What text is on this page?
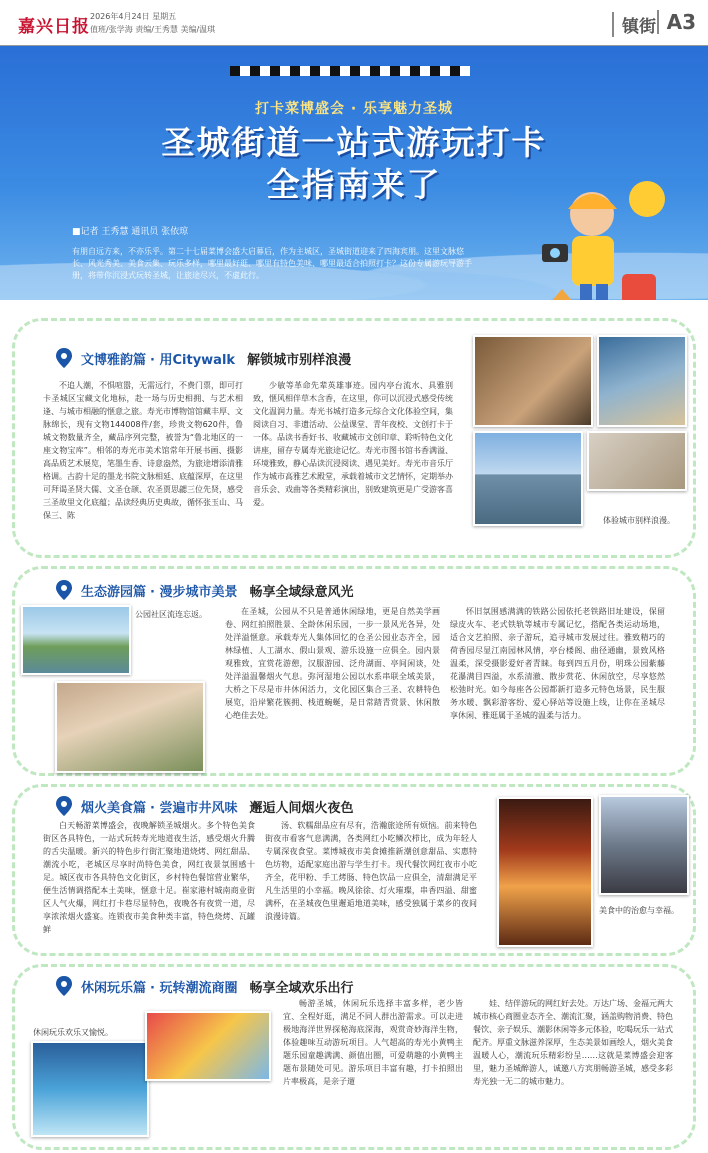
嘉兴日报
2026年4月24日 星期五
值班/张学海 责编/王秀慧 美编/温琪	镇街 A3
打卡菜博盛会 · 乐享魅力圣城
圣城街道一站式游玩打卡
全指南来了
■记者 王秀慧 通讯员 张依琼
有朋自远方来，不亦乐乎。第二十七届菜博会盛大启幕后，作为主城区，圣城街道迎来了四海宾朋。这里文脉悠长、风光秀美、美食云集、玩乐多样，哪里最好逛、哪里有特色美味、哪里最适合拍照打卡？这份专属游玩导游手册，将带你沉浸式玩转圣城，让旅途尽兴，不虚此行。
文博雅韵篇 · 用Citywalk 解锁城市别样浪漫
不追人潮，不惧喧嚣，无需远行，不费门票，即可打卡圣城区宝藏文化地标，赴一场与历史相拥、与艺术相逢、与城市相融的惬意之旅。寿光市博物馆馆藏丰厚、文脉绵长，现有文物144008件/套，珍贵文物620件，鲁城文物数量齐全，藏品序列完整，被誉为“鲁北地区的一座文物宝库”。相邻的寿光市美术馆常年开展书画、摄影高品质艺术展览，笔墨生香、诗意盎然，为旅途增添清雅格调。古韵十足的墨龙书院文脉相延、底蕴深厚，在这里可拜谒圣贤大儒、文圣仓颉、农圣贾思勰三位先贤，感受三圣故里文化底蕴；品读经典历史典故，循怀张玉山、马保三、陈
少敏等革命先辈英雄事迹。园内亭台流水、具雅别致，惬风相伴草木含香，在这里，你可以沉浸式感受传统文化温润力量。寿光书城打造多元综合文化体验空间，集阅读自习、非遗活动、公益课堂、青年夜校、文创打卡于一体。品读书香好书、收藏城市文创印章、聆听特色文化讲座，留存专属寿光旅途记忆。寿光市图书馆书香满溢、环境雅致，静心品读沉浸阅读、遇见美好。寿光市音乐厅作为城市高雅艺术殿堂，承载着城市文艺情怀，定期举办音乐会、戏曲等各类精彩演出，别致建筑更是广受游客喜爱。
体验城市别样浪漫。
生态游园篇 · 漫步城市美景 畅享全域绿意风光
公园社区流连忘返。	在圣城，公园从不只是普通休闲绿地，更是自然美学画卷、网红拍照胜景、全龄休闲乐园，一步一景风光各异，处处洋溢惬意。承载寿光人集体回忆的仓圣公园业态齐全，园林绿植、人工湖水、假山景观、游乐设施一应俱全。园内景观雅致，宜赏花游憩，汉服游园、泛舟湖面、亭间闲谈，处处洋溢温馨烟火气息。弥河湿地公园以水系串联全域美景，大桥之下尽是市井休闲活力，文化园区集合三圣、农耕特色展览，沿岸繁花簇拥、栈道蜿蜒，是日常踏青赏景、休闲散心绝佳去处。
怀旧氛围感满满的铁路公园依托老铁路旧址建设，保留绿皮火车、老式铁轨等城市专属记忆，搭配各类运动场地，适合文艺拍照、亲子游玩，追寻城市发展过往。雅致精巧的荷香园尽显江南园林风情，亭台楼阁、曲径通幽，景致风格温柔，深受摄影爱好者青睐。每到四五月份，明珠公园紫藤花瀑满目四溢，水系清澈、散步赏花、休闲放空，尽享悠然松弛时光。如今每座各公园都新打造多元特色场景，民生服务水暖、飘彩游客纷、爱心驿站等设施上线，让你在圣城尽享休闲、雅逛属于圣城的温柔与活力。
烟火美食篇 · 尝遍市井风味 邂逅人间烟火夜色
白天畅游菜博盛会，夜晚解锁圣城烟火。多个特色美食街区各具特色，一站式玩转寿光地道夜生活，感受烟火升腾的舌尖温暖。新兴的特色步行街汇聚地道烧烤、网红甜品、潮流小吃，老城区尽享时尚特色美食，网红夜景氛围感十足。城区夜市各具特色文化街区，乡村特色餐馆营业繁华，便生活情调搭配本土美味，惬意十足。崔家港村城南商业街区人气火爆，网红打卡巷尽显特色，夜晚各有夜赏一道，尽享浓浓烟火盛宴。连锁夜市美食种类丰富，特色烧烤、瓦罐鲜
汤、软糯甜品应有尽有，浩瀚旅途所有烦恼。前来特色街夜市看客气息满满，各类网红小吃鳞次栉比，成为年轻人专属深夜食堂。菜博城夜市美食摊推新潮创意甜品、实惠特色坊物，适配家庭出游与学生打卡。现代餐饮网红夜市小吃齐全，花甲粉、手工烤肠、特色饮品一应俱全，清甜满足平凡生活里的小幸福。晚风徐徐、灯火璀璨，串香四溢、甜蜜满杯，在圣城夜色里邂逅地道美味，感受独属于菜乡的夜间浪漫诗篇。
美食中的治愈与幸福。
休闲玩乐篇 · 玩转潮流商圈 畅享全域欢乐出行
休闲玩乐欢乐又愉悦。
畅游圣城，休闲玩乐选择丰富多样，老少皆宜、全程好逛，满足不同人群出游需求。可以走进极地海洋世界探秘海底深海，观赏奇妙海洋生物，体验趣味互动游玩项目。人气超高的寿光小黄鸭主题乐园童趣满满、颜值出圈，可爱萌趣的小黄鸭主题布景随处可见。游乐项目丰富有趣，打卡拍照出片率极高，是亲子遛
娃、结伴游玩的网红好去处。万达广场、金福元两大城市核心商圈业态齐全、潮流汇聚，涵盖购物消费、特色餐饮、亲子娱乐、潮影休闲等多元体验，吃喝玩乐一站式配齐。厚重文脉滋养深厚，生态美景如画绘人，烟火美食温暖人心，潮流玩乐精彩纷呈……这就是菜博盛会迎客里，魅力圣城醉游人，诚邀八方宾朋畅游圣城，感受多彩寿光独一无二的城市魅力。
